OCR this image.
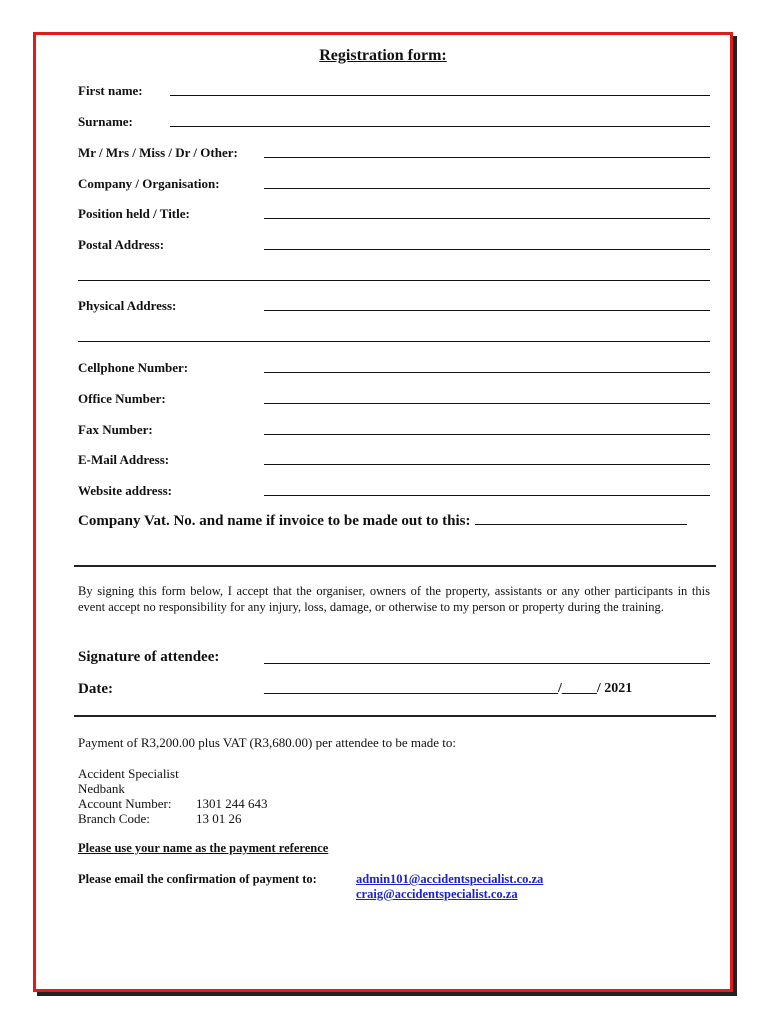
Registration form:
First name:
Surname:
Mr / Mrs / Miss / Dr / Other:
Company / Organisation:
Position held / Title:
Postal Address:
Physical Address:
Cellphone Number:
Office Number:
Fax Number:
E-Mail Address:
Website address:
Company Vat. No. and name if invoice to be made out to this:
By signing this form below, I accept that the organiser, owners of the property, assistants or any other participants in this event accept no responsibility for any injury, loss, damage, or otherwise to my person or property during the training.
Signature of attendee:
Date:	__________________________________________/_____/ 2021
Payment of R3,200.00 plus VAT (R3,680.00) per attendee to be made to:
Accident Specialist
Nedbank
Account Number: 1301 244 643
Branch Code:	13 01 26
Please use your name as the payment reference
Please email the confirmation of payment to:	admin101@accidentspecialist.co.za
craig@accidentspecialist.co.za
